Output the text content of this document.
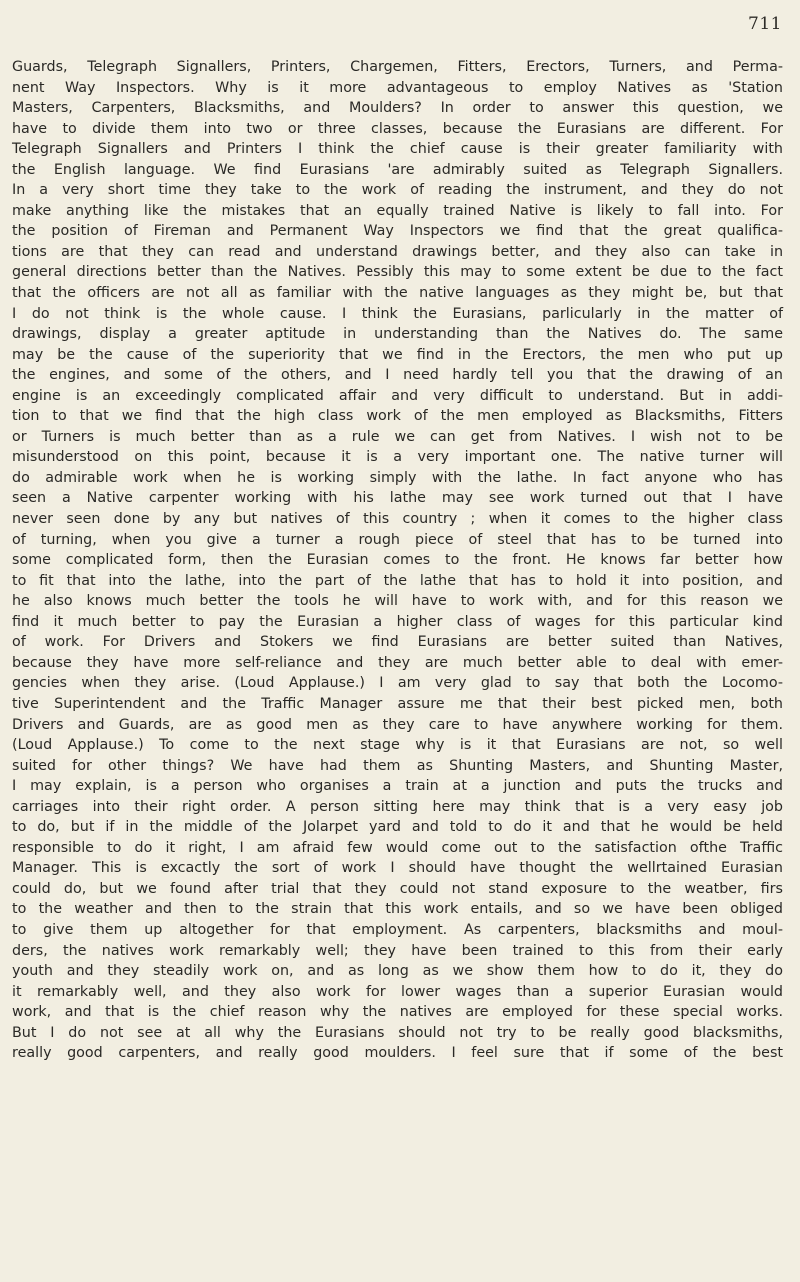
711
Guards, Telegraph Signallers, Printers, Chargemen, Fitters, Erectors, Turners, and Perma-
nent Way Inspectors. Why is it more advantageous to employ Natives as 'Station
Masters, Carpenters, Blacksmiths, and Moulders? In order to answer this question, we
have to divide them into two or three classes, because the Eurasians are different. For
Telegraph Signallers and Printers I think the chief cause is their greater familiarity with
the English language. We find Eurasians 'are admirably suited as Telegraph Signallers.
In a very short time they take to the work of reading the instrument, and they do not
make anything like the mistakes that an equally trained Native is likely to fall into. For
the position of Fireman and Permanent Way Inspectors we find that the great qualifica-
tions are that they can read and understand drawings better, and they also can take in
general directions better than the Natives. Pessibly this may to some extent be due to the fact
that the officers are not all as familiar with the native languages as they might be, but that
I do not think is the whole cause. I think the Eurasians, parlicularly in the matter of
drawings, display a greater aptitude in understanding than the Natives do. The same
may be the cause of the superiority that we find in the Erectors, the men who put up
the engines, and some of the others, and I need hardly tell you that the drawing of an
engine is an exceedingly complicated affair and very difficult to understand. But in addi-
tion to that we find that the high class work of the men employed as Blacksmiths, Fitters
or Turners is much better than as a rule we can get from Natives. I wish not to be
misunderstood on this point, because it is a very important one. The native turner will
do admirable work when he is working simply with the lathe. In fact anyone who has
seen a Native carpenter working with his lathe may see work turned out that I have
never seen done by any but natives of this country ; when it comes to the higher class
of turning, when you give a turner a rough piece of steel that has to be turned into
some complicated form, then the Eurasian comes to the front. He knows far better how
to fit that into the lathe, into the part of the lathe that has to hold it into position, and
he also knows much better the tools he will have to work with, and for this reason we
find it much better to pay the Eurasian a higher class of wages for this particular kind
of work. For Drivers and Stokers we find Eurasians are better suited than Natives,
because they have more self-reliance and they are much better able to deal with emer-
gencies when they arise. (Loud Applause.) I am very glad to say that both the Locomo-
tive Superintendent and the Traffic Manager assure me that their best picked men, both
Drivers and Guards, are as good men as they care to have anywhere working for them.
(Loud Applause.) To come to the next stage why is it that Eurasians are not, so well
suited for other things? We have had them as Shunting Masters, and Shunting Master,
I may explain, is a person who organises a train at a junction and puts the trucks and
carriages into their right order. A person sitting here may think that is a very easy job
to do, but if in the middle of the Jolarpet yard and told to do it and that he would be held
responsible to do it right, I am afraid few would come out to the satisfaction ofthe Traffic
Manager. This is excactly the sort of work I should have thought the wellrtained Eurasian
could do, but we found after trial that they could not stand exposure to the weatber, firs
to the weather and then to the strain that this work entails, and so we have been obliged
to give them up altogether for that employment. As carpenters, blacksmiths and moul-
ders, the natives work remarkably well; they have been trained to this from their early
youth and they steadily work on, and as long as we show them how to do it, they do
it remarkably well, and they also work for lower wages than a superior Eurasian would
work, and that is the chief reason why the natives are employed for these special works.
But I do not see at all why the Eurasians should not try to be really good blacksmiths,
really good carpenters, and really good moulders. I feel sure that if some of the best
